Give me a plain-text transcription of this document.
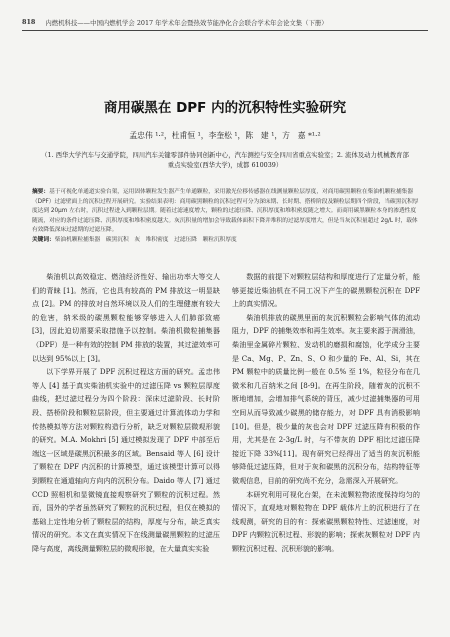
818 内燃机科技——中国内燃机学会 2017 年学术年会暨热效节能净化合会联合学术年会论文集（下册）
商用碳黑在 DPF 内的沉积特性实验研究
孟忠伟 ¹·²，杜甫恒 ¹，李奎松 ¹，陈　建 ¹，方　嘉 *¹·²
（1. 西华大学汽车与交通学院，四川汽车关键零部件协同创新中心，汽车测控与安全四川省重点实验室；2. 流体及动力机械教育部重点实验室(西华大学)，成都 610039）
摘要：基于可视化单通道实验台架，运用固体颗粒发生器产生单通颗粒，采用激光位移传感器在线测量颗粒层厚度，对商用碳黑颗粒在柴油机颗粒捕集器（DPF）过滤壁面上的沉积过程开展研究。实验结果表明：商用碳黑颗粒的沉积过程可分为深床期、长时期、搭桥阶段及颗粒层期四个阶段，当碳黑沉积厚度达到 20μm 左右时，沉积过程进入到颗粒层期。随着过滤速度增大，颗粒的过滤压降、沉积厚度和堆积密度随之增大。而商用碳黑颗粒本身的渗透性度随流，对应的条件过滤压降、沉积厚度和堆积密度越大。灰沉积量的增加会导致载体面积下降并堆积的过滤厚度增大，但是当灰沉积量超过 2g/L 时，载体有效降低深床过滤期的过滤压降。
关键词：柴油机颗粒捕集器　碳黑沉积　灰　堆积密度　过滤压降　颗粒沉积厚度

柴油机以高效稳定、燃油经济性好、输出功率大等交人们的青睐 [1]。然而，它也具有较高的 PM 排放这一明显缺点 [2]。PM 的排放对自然环境以及人们的生理健康有较大的危害，纳米级的碳黑颗粒能够穿够进入人们肺部致癌 [3]，因此迫切需要采取措施予以控制。柴油机微粒捕集器（DPF）是一种有效的控制 PM 排放的装置，其过滤效率可以达到 95%以上 [3]。

以下学界开展了 DPF 沉积过程这方面的研究。孟忠伟等人 [4] 基于真实柴油机实验中的过滤压降 vs 颗粒层厚度曲线，把过滤过程分为四个阶段：深床过滤阶段、长时阶段、搭桥阶段和颗粒层阶段，但主要通过计算流体动力学和传热模拟等方法对颗粒构造行分析，缺乏对颗粒层微观形貌的研究。M.A. Mokhri [5] 通过模拟发现了 DPF 中部至后端这一区域是碳黑沉积最多的区域。Bensaid 等人 [6] 设计了颗粒在 DPF 内沉积的计算模型，通过该模型计算可以得到颗粒在通道轴向方向内的沉积分布。Daido 等人 [7] 通过 CCD 照相机和显微镜直接观察研究了颗粒的沉积过程。然而，国外的学者虽然研究了颗粒的沉积过程，但仅在模拟的基础上定性地分析了颗粒层的结构，厚度与分布，缺乏真实情况的研究。本文在真实情况下在线测量碳黑颗粒的过滤压降与高度，离线测量颗粒层的微观形貌，在大量真实实验

数据的前提下对颗粒层结构和厚度进行了定量分析，能够更接近柴油机在不同工况下产生的碳黑颗粒沉积在 DPF 上的真实情况。

柴油机排放的碳黑里面的灰沉积颗粒会影响气体的流动阻力，DPF 的捕集效率和再生效率。灰主要来源于润滑油，柴油里金属碎片颗粒、发动机的磨损和腐蚀，化学成分主要是 Ca、Mg、P、Zn、S、O 和少量的 Fe、Al、Si，其在 PM 颗粒中的质量比例一般在 0.5% 至 1%，粒径分布在几微米和几百纳米之间 [8-9]。在再生阶段，随着灰的沉积不断地增加，会增加排气系统的背压，减少过滤捕集器的可用空间从而导致减少碳黑的储存能力，对 DPF 具有消极影响 [10]。但是，极少量的灰也会对 DPF 过滤压降有积极的作用，尤其是在 2-3g/L 时，与不带灰的 DPF 相比过滤压降接近下降 33%[11]。现有研究已经得出了适当的灰沉积能够降低过滤压降，但对于灰和碳黑的沉积分布，结构特征等微观信息，目前的研究尚不充分，急需深入开展研究。

本研究利用可视化台架，在未流颗粒物浓度保持均匀的情况下，直观地对颗粒物在 DPF 载体片上的沉积进行了在线观测，研究的目的有：探索碳黑颗粒特性、过滤速度，对 DPF 内颗粒沉积过程、形貌的影响；探索灰颗粒对 DPF 内颗粒沉积过程、沉积形貌的影响。
